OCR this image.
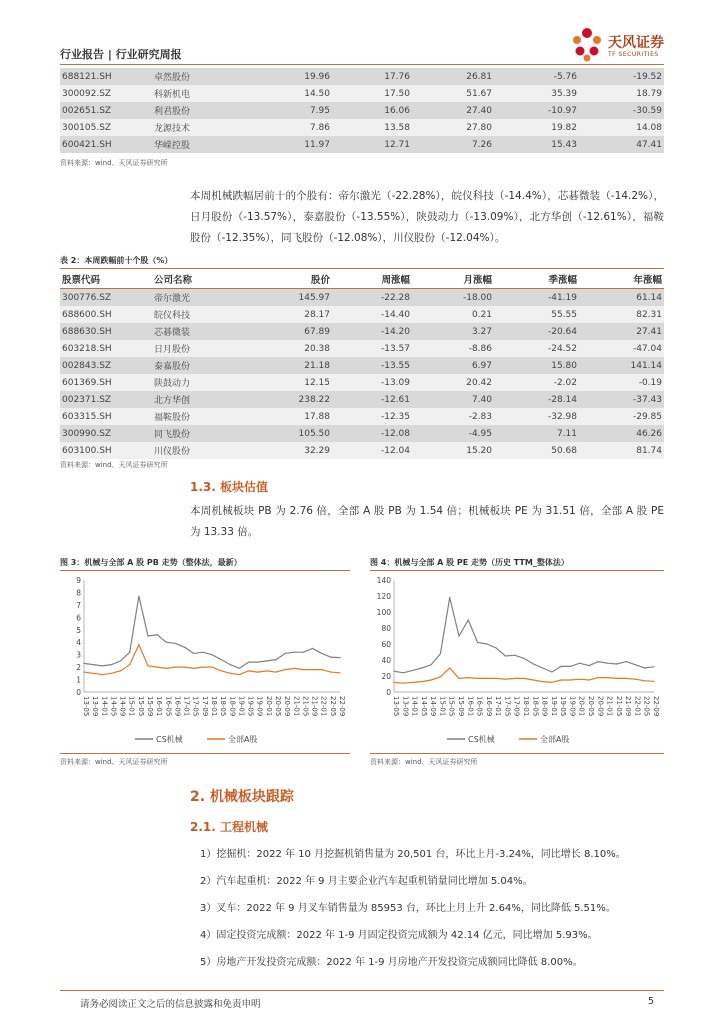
行业报告 | 行业研究周报
天风证券
TF SECURITIES
688121.SH	卓然股份	19.96	17.76	26.81	-5.76	-19.52
300092.SZ	科新机电	14.50	17.50	51.67	35.39	18.79
002651.SZ	利君股份	7.95	16.06	27.40	-10.97	-30.59
300105.SZ	龙源技术	7.86	13.58	27.80	19.82	14.08
600421.SH	华嵘控股	11.97	12.71	7.26	15.43	47.41
资料来源：wind、天风证券研究所
本周机械跌幅居前十的个股有：帝尔激光（-22.28%），皖仪科技（-14.4%），芯碁微装（-14.2%），日月股份（-13.57%），泰嘉股份（-13.55%），陕鼓动力（-13.09%），北方华创（-12.61%），福鞍股份（-12.35%），同飞股份（-12.08%），川仪股份（-12.04%）。
表 2：本周跌幅前十个股（%）
股票代码	公司名称	股价	周涨幅	月涨幅	季涨幅	年涨幅
300776.SZ	帝尔激光	145.97	-22.28	-18.00	-41.19	61.14
688600.SH	皖仪科技	28.17	-14.40	0.21	55.55	82.31
688630.SH	芯碁微装	67.89	-14.20	3.27	-20.64	27.41
603218.SH	日月股份	20.38	-13.57	-8.86	-24.52	-47.04
002843.SZ	泰嘉股份	21.18	-13.55	6.97	15.80	141.14
601369.SH	陕鼓动力	12.15	-13.09	20.42	-2.02	-0.19
002371.SZ	北方华创	238.22	-12.61	7.40	-28.14	-37.43
603315.SH	福鞍股份	17.88	-12.35	-2.83	-32.98	-29.85
300990.SZ	同飞股份	105.50	-12.08	-4.95	7.11	46.26
603100.SH	川仪股份	32.29	-12.04	15.20	50.68	81.74
资料来源：wind、天风证券研究所
1.3. 板块估值
本周机械板块 PB 为 2.76 倍，全部 A 股 PB 为 1.54 倍；机械板块 PE 为 31.51 倍，全部 A 股 PE 为 13.33 倍。
图 3：机械与全部 A 股 PB 走势（整体法，最新）
0
1
2
3
4
5
6
7
8
9
13-05 13-09 14-01 14-05 14-09 15-01 15-05 15-09 16-01 16-05 16-09 17-01 17-05 17-09 18-01 18-05 18-09 19-01 19-05 19-09 20-01 20-05 20-09 21-01 21-05 21-09 22-01 22-05 22-09
CS机械	全部A股
资料来源：wind、天风证券研究所
图 4：机械与全部 A 股 PE 走势（历史 TTM_整体法）
0
20
40
60
80
100
120
140
13-05 13-09 14-01 14-05 14-09 15-01 15-05 15-09 16-01 16-05 16-09 17-01 17-05 17-09 18-01 18-05 18-09 19-01 19-05 19-09 20-01 20-05 20-09 21-01 21-05 21-09 22-01 22-05 22-09
CS机械	全部A股
资料来源：wind、天风证券研究所
2. 机械板块跟踪
2.1. 工程机械
1）挖掘机：2022 年 10 月挖掘机销售量为 20,501 台，环比上月-3.24%，同比增长 8.10%。
2）汽车起重机：2022 年 9 月主要企业汽车起重机销量同比增加 5.04%。
3）叉车：2022 年 9 月叉车销售量为 85953 台，环比上月上升 2.64%，同比降低 5.51%。
4）固定投资完成额：2022 年 1-9 月固定投资完成额为 42.14 亿元，同比增加 5.93%。
5）房地产开发投资完成额：2022 年 1-9 月房地产开发投资完成额同比降低 8.00%。
请务必阅读正文之后的信息披露和免责申明	5
